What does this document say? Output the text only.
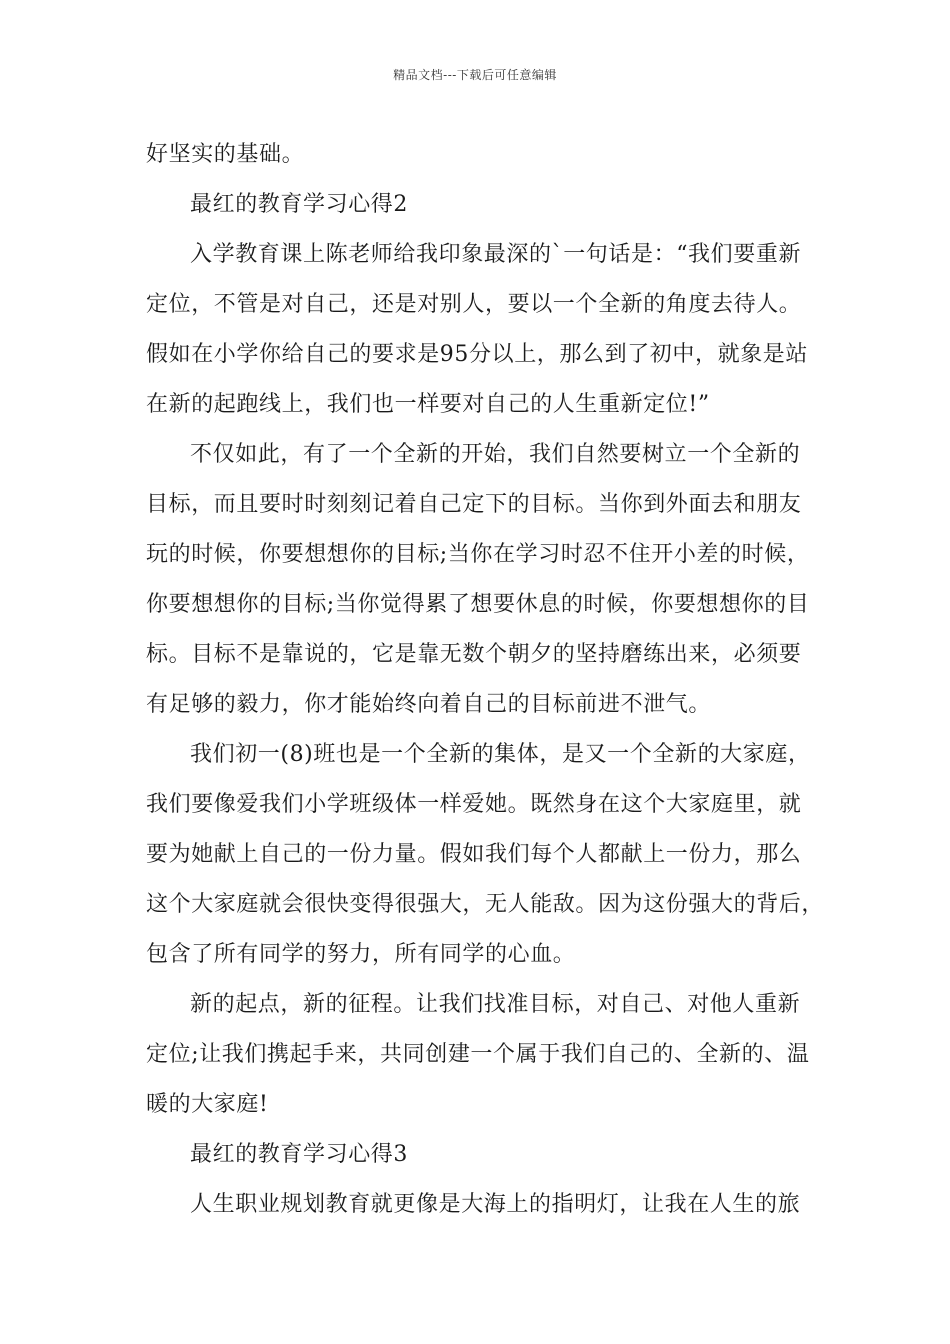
精品文档---下载后可任意编辑
好坚实的基础。
最红的教育学习心得2
入学教育课上陈老师给我印象最深的`一句话是：“我们要重新
定位，不管是对自己，还是对别人，要以一个全新的角度去待人。
假如在小学你给自己的要求是95分以上，那么到了初中，就象是站
在新的起跑线上，我们也一样要对自己的人生重新定位!”
不仅如此，有了一个全新的开始，我们自然要树立一个全新的
目标，而且要时时刻刻记着自己定下的目标。当你到外面去和朋友
玩的时候，你要想想你的目标;当你在学习时忍不住开小差的时候，
你要想想你的目标;当你觉得累了想要休息的时候，你要想想你的目
标。目标不是靠说的，它是靠无数个朝夕的坚持磨练出来，必须要
有足够的毅力，你才能始终向着自己的目标前进不泄气。
我们初一(8)班也是一个全新的集体，是又一个全新的大家庭，
我们要像爱我们小学班级体一样爱她。既然身在这个大家庭里，就
要为她献上自己的一份力量。假如我们每个人都献上一份力，那么
这个大家庭就会很快变得很强大，无人能敌。因为这份强大的背后，
包含了所有同学的努力，所有同学的心血。
新的起点，新的征程。让我们找准目标，对自己、对他人重新
定位;让我们携起手来，共同创建一个属于我们自己的、全新的、温
暖的大家庭!
最红的教育学习心得3
人生职业规划教育就更像是大海上的指明灯，让我在人生的旅
